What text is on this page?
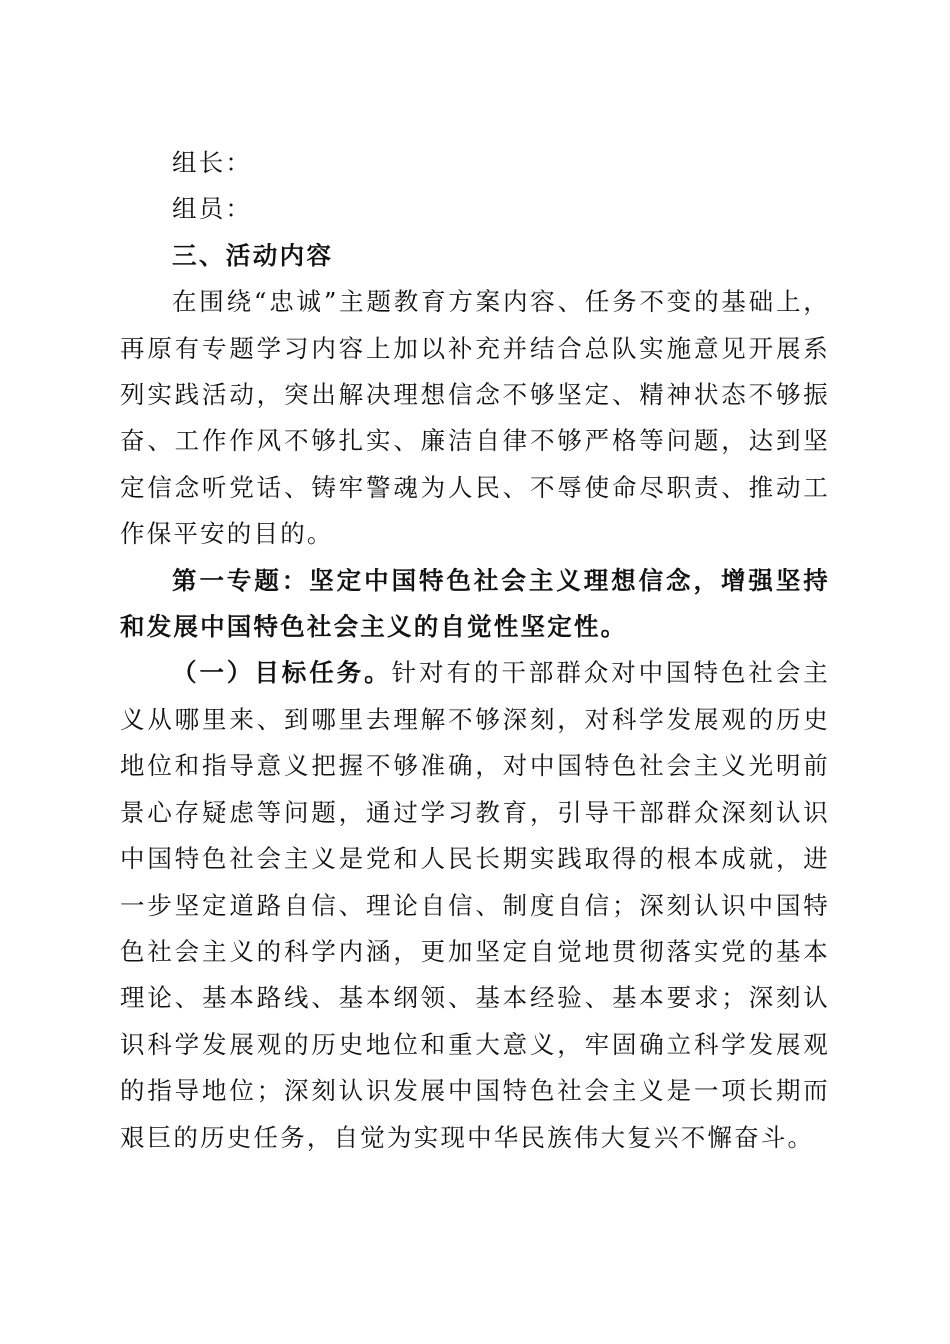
组长：

组员：

三、活动内容

在围绕“忠诚”主题教育方案内容、任务不变的基础上，再原有专题学习内容上加以补充并结合总队实施意见开展系列实践活动，突出解决理想信念不够坚定、精神状态不够振奋、工作作风不够扎实、廉洁自律不够严格等问题，达到坚定信念听党话、铸牢警魂为人民、不辱使命尽职责、推动工作保平安的目的。

第一专题：坚定中国特色社会主义理想信念，增强坚持和发展中国特色社会主义的自觉性坚定性。

（一）目标任务。针对有的干部群众对中国特色社会主义从哪里来、到哪里去理解不够深刻，对科学发展观的历史地位和指导意义把握不够准确，对中国特色社会主义光明前景心存疑虑等问题，通过学习教育，引导干部群众深刻认识中国特色社会主义是党和人民长期实践取得的根本成就，进一步坚定道路自信、理论自信、制度自信；深刻认识中国特色社会主义的科学内涵，更加坚定自觉地贯彻落实党的基本理论、基本路线、基本纲领、基本经验、基本要求；深刻认识科学发展观的历史地位和重大意义，牢固确立科学发展观的指导地位；深刻认识发展中国特色社会主义是一项长期而艰巨的历史任务，自觉为实现中华民族伟大复兴不懈奋斗。
